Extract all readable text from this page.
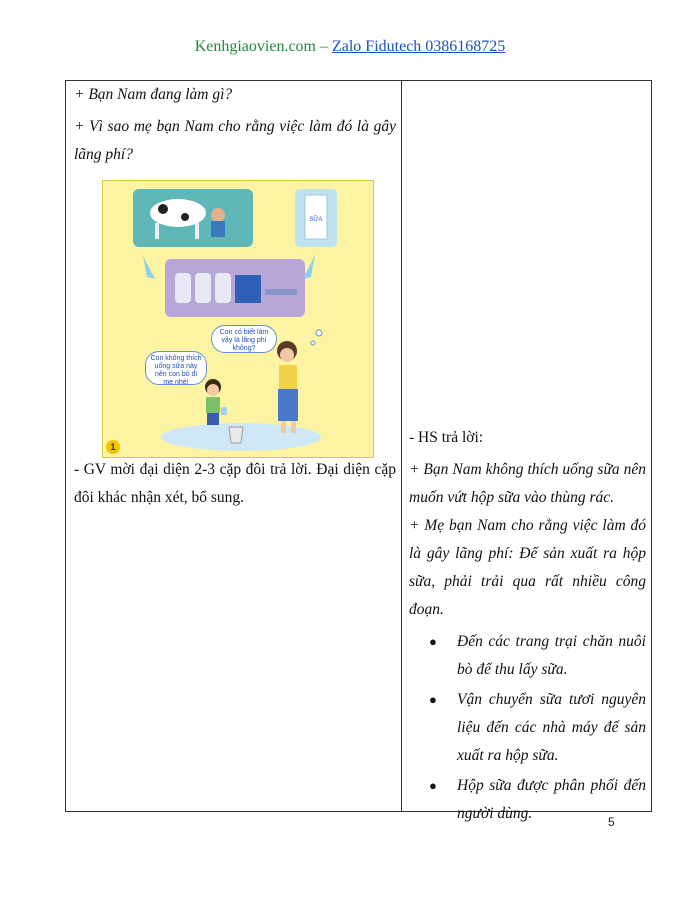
Kenhgiaovien.com – Zalo Fidutech 0386168725

+ Bạn Nam đang làm gì?

+ Vì sao mẹ bạn Nam cho rằng việc làm đó là gây lãng phí?

SỮA
Con có biết làm vậy là lãng phí không?
Con không thích uống sữa này nên con bỏ đi mẹ nhé!
1

- GV mời đại diện 2-3 cặp đôi trả lời. Đại diện cặp đôi khác nhận xét, bổ sung.

- HS trả lời:

+ Bạn Nam không thích uống sữa nên muốn vứt hộp sữa vào thùng rác.

+ Mẹ bạn Nam cho rằng việc làm đó là gây lãng phí: Để sản xuất ra hộp sữa, phải trải qua rất nhiều công đoạn.

● Đến các trang trại chăn nuôi bò để thu lấy sữa.
● Vận chuyển sữa tươi nguyên liệu đến các nhà máy để sản xuất ra hộp sữa.
● Hộp sữa được phân phối đến người dùng.	5
